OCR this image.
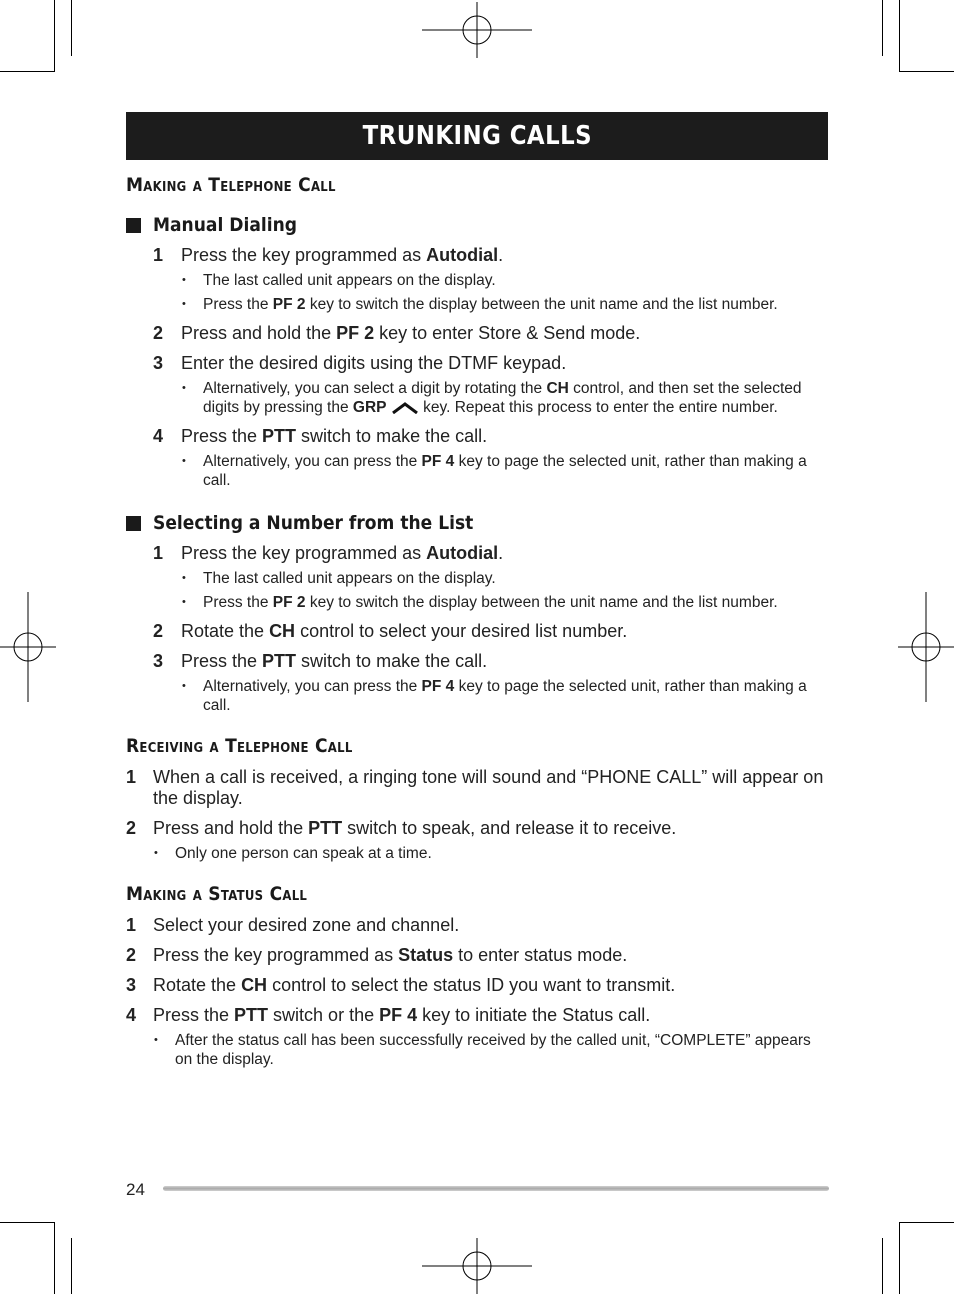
TRUNKING CALLS
Making a Telephone Call
Manual Dialing
1 Press the key programmed as Autodial.
• The last called unit appears on the display.
• Press the PF 2 key to switch the display between the unit name and the list number.
2 Press and hold the PF 2 key to enter Store & Send mode.
3 Enter the desired digits using the DTMF keypad.
• Alternatively, you can select a digit by rotating the CH control, and then set the selected digits by pressing the GRP  key. Repeat this process to enter the entire number.
4 Press the PTT switch to make the call.
• Alternatively, you can press the PF 4 key to page the selected unit, rather than making a call.
Selecting a Number from the List
1 Press the key programmed as Autodial.
• The last called unit appears on the display.
• Press the PF 2 key to switch the display between the unit name and the list number.
2 Rotate the CH control to select your desired list number.
3 Press the PTT switch to make the call.
• Alternatively, you can press the PF 4 key to page the selected unit, rather than making a call.
Receiving a Telephone Call
1 When a call is received, a ringing tone will sound and “PHONE CALL” will appear on the display.
2 Press and hold the PTT switch to speak, and release it to receive.
• Only one person can speak at a time.
Making a Status Call
1 Select your desired zone and channel.
2 Press the key programmed as Status to enter status mode.
3 Rotate the CH control to select the status ID you want to transmit.
4 Press the PTT switch or the PF 4 key to initiate the Status call.
• After the status call has been successfully received by the called unit, “COMPLETE” appears on the display.
24
